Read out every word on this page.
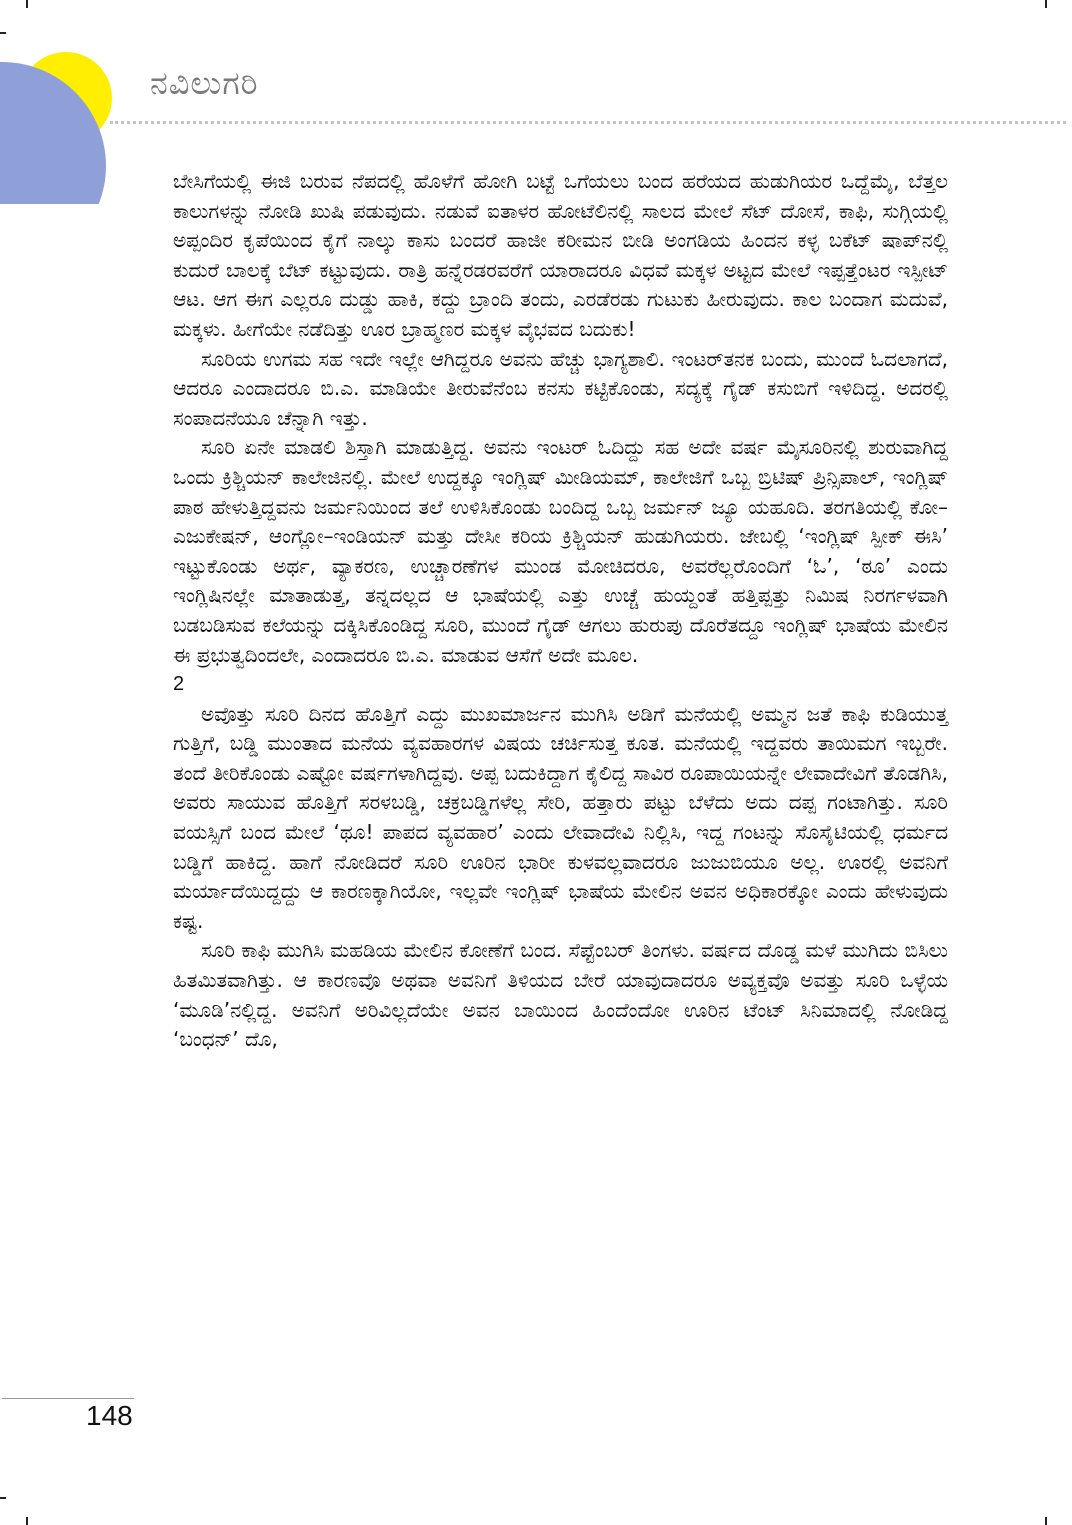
ನವಿಲುಗರಿ

ಬೇಸಿಗೆಯಲ್ಲಿ ಈಜಿ ಬರುವ ನೆಪದಲ್ಲಿ ಹೊಳೆಗೆ ಹೋಗಿ ಬಟ್ಟೆ ಒಗೆಯಲು ಬಂದ ಹರೆಯದ ಹುಡುಗಿಯರ ಒದ್ದೆಮೈ, ಬೆತ್ತಲ ಕಾಲುಗಳನ್ನು ನೋಡಿ ಖುಷಿ ಪಡುವುದು. ನಡುವೆ ಐತಾಳರ ಹೋಟೆಲಿನಲ್ಲಿ ಸಾಲದ ಮೇಲೆ ಸೆಟ್ ದೋಸೆ, ಕಾಫಿ, ಸುಗ್ಗಿಯಲ್ಲಿ ಅಪ್ಪಂದಿರ ಕೃಪೆಯಿಂದ ಕೈಗೆ ನಾಲ್ಕು ಕಾಸು ಬಂದರೆ ಹಾಜೀ ಕರೀಮನ ಬೀಡಿ ಅಂಗಡಿಯ ಹಿಂದನ ಕಳ್ಳ ಬಕೆಟ್ ಷಾಪ್‌ನಲ್ಲಿ ಕುದುರೆ ಬಾಲಕ್ಕೆ ಬೆಟ್ ಕಟ್ಟುವುದು. ರಾತ್ರಿ ಹನ್ನೆರಡರವರೆಗೆ ಯಾರಾದರೂ ವಿಧವೆ ಮಕ್ಕಳ ಅಟ್ಟದ ಮೇಲೆ ಇಪ್ಪತ್ತೆಂಟರ ಇಸ್ಪೀಟ್ ಆಟ. ಆಗ ಈಗ ಎಲ್ಲರೂ ದುಡ್ಡು ಹಾಕಿ, ಕದ್ದು ಬ್ರಾಂದಿ ತಂದು, ಎರಡೆರಡು ಗುಟುಕು ಹೀರುವುದು. ಕಾಲ ಬಂದಾಗ ಮದುವೆ, ಮಕ್ಕಳು. ಹೀಗೆಯೇ ನಡೆದಿತ್ತು ಊರ ಬ್ರಾಹ್ಮಣರ ಮಕ್ಕಳ ವೈಭವದ ಬದುಕು!

ಸೂರಿಯ ಉಗಮ ಸಹ ಇದೇ ಇಲ್ಲೇ ಆಗಿದ್ದರೂ ಅವನು ಹೆಚ್ಚು ಭಾಗ್ಯಶಾಲಿ. ಇಂಟರ್‌ತನಕ ಬಂದು, ಮುಂದೆ ಓದಲಾಗದೆ, ಆದರೂ ಎಂದಾದರೂ ಬಿ.ಎ. ಮಾಡಿಯೇ ತೀರುವೆನೆಂಬ ಕನಸು ಕಟ್ಟಿಕೊಂಡು, ಸದ್ಯಕ್ಕೆ ಗೈಡ್ ಕಸುಬಿಗೆ ಇಳಿದಿದ್ದ. ಅದರಲ್ಲಿ ಸಂಪಾದನೆಯೂ ಚೆನ್ನಾಗಿ ಇತ್ತು.

ಸೂರಿ ಏನೇ ಮಾಡಲಿ ಶಿಸ್ತಾಗಿ ಮಾಡುತ್ತಿದ್ದ. ಅವನು ಇಂಟರ್ ಓದಿದ್ದು ಸಹ ಅದೇ ವರ್ಷ ಮೈಸೂರಿನಲ್ಲಿ ಶುರುವಾಗಿದ್ದ ಒಂದು ಕ್ರಿಶ್ಚಿಯನ್ ಕಾಲೇಜಿನಲ್ಲಿ. ಮೇಲೆ ಉದ್ದಕ್ಕೂ ಇಂಗ್ಲಿಷ್ ಮೀಡಿಯಮ್, ಕಾಲೇಜಿಗೆ ಒಬ್ಬ ಬ್ರಿಟಿಷ್ ಪ್ರಿನ್ಸಿಪಾಲ್, ಇಂಗ್ಲಿಷ್ ಪಾಠ ಹೇಳುತ್ತಿದ್ದವನು ಜರ್ಮನಿಯಿಂದ ತಲೆ ಉಳಿಸಿಕೊಂಡು ಬಂದಿದ್ದ ಒಬ್ಬ ಜರ್ಮನ್ ಜ್ಯೂ ಯಹೂದಿ. ತರಗತಿಯಲ್ಲಿ ಕೋ–ಎಜುಕೇಷನ್, ಆಂಗ್ಲೋ–ಇಂಡಿಯನ್ ಮತ್ತು ದೇಸೀ ಕರಿಯ ಕ್ರಿಶ್ಚಿಯನ್ ಹುಡುಗಿಯರು. ಜೇಬಲ್ಲಿ ‘ಇಂಗ್ಲಿಷ್ ಸ್ಪೀಕ್ ಈಸಿ’ ಇಟ್ಟುಕೊಂಡು ಅರ್ಥ, ವ್ಯಾಕರಣ, ಉಚ್ಚಾರಣೆಗಳ ಮುಂಡ ಮೋಚಿದರೂ, ಅವರೆಲ್ಲರೊಂದಿಗೆ ‘ಓ’, ‘ಠೂ’ ಎಂದು ಇಂಗ್ಲಿಷಿನಲ್ಲೇ ಮಾತಾಡುತ್ತ, ತನ್ನದಲ್ಲದ ಆ ಭಾಷೆಯಲ್ಲಿ ಎತ್ತು ಉಚ್ಚೆ ಹುಯ್ದಂತೆ ಹತ್ತಿಪ್ಪತ್ತು ನಿಮಿಷ ನಿರರ್ಗಳವಾಗಿ ಬಡಬಡಿಸುವ ಕಲೆಯನ್ನು ದಕ್ಕಿಸಿಕೊಂಡಿದ್ದ ಸೂರಿ, ಮುಂದೆ ಗೈಡ್ ಆಗಲು ಹುರುಪು ದೊರೆತದ್ದೂ ಇಂಗ್ಲಿಷ್ ಭಾಷೆಯ ಮೇಲಿನ ಈ ಪ್ರಭುತ್ವದಿಂದಲೇ, ಎಂದಾದರೂ ಬಿ.ಎ. ಮಾಡುವ ಆಸೆಗೆ ಅದೇ ಮೂಲ.

2

ಅವೊತ್ತು ಸೂರಿ ದಿನದ ಹೊತ್ತಿಗೆ ಎದ್ದು ಮುಖಮಾರ್ಜನ ಮುಗಿಸಿ ಅಡಿಗೆ ಮನೆಯಲ್ಲಿ ಅಮ್ಮನ ಜತೆ ಕಾಫಿ ಕುಡಿಯುತ್ತ ಗುತ್ತಿಗೆ, ಬಡ್ಡಿ ಮುಂತಾದ ಮನೆಯ ವ್ಯವಹಾರಗಳ ವಿಷಯ ಚರ್ಚಿಸುತ್ತ ಕೂತ. ಮನೆಯಲ್ಲಿ ಇದ್ದವರು ತಾಯಿಮಗ ಇಬ್ಬರೇ. ತಂದೆ ತೀರಿಕೊಂಡು ಎಷ್ಟೋ ವರ್ಷಗಳಾಗಿದ್ದವು. ಅಪ್ಪ ಬದುಕಿದ್ದಾಗ ಕೈಲಿದ್ದ ಸಾವಿರ ರೂಪಾಯಿಯನ್ನೇ ಲೇವಾದೇವಿಗೆ ತೊಡಗಿಸಿ, ಅವರು ಸಾಯುವ ಹೊತ್ತಿಗೆ ಸರಳಬಡ್ಡಿ, ಚಕ್ರಬಡ್ಡಿಗಳೆಲ್ಲ ಸೇರಿ, ಹತ್ತಾರು ಪಟ್ಟು ಬೆಳೆದು ಅದು ದಪ್ಪ ಗಂಟಾಗಿತ್ತು. ಸೂರಿ ವಯಸ್ಸಿಗೆ ಬಂದ ಮೇಲೆ ‘ಥೂ! ಪಾಪದ ವ್ಯವಹಾರ’ ಎಂದು ಲೇವಾದೇವಿ ನಿಲ್ಲಿಸಿ, ಇದ್ದ ಗಂಟನ್ನು ಸೊಸೈಟಿಯಲ್ಲಿ ಧರ್ಮದ ಬಡ್ಡಿಗೆ ಹಾಕಿದ್ದ. ಹಾಗೆ ನೋಡಿದರೆ ಸೂರಿ ಊರಿನ ಭಾರೀ ಕುಳವಲ್ಲವಾದರೂ ಜುಜುಬಿಯೂ ಅಲ್ಲ. ಊರಲ್ಲಿ ಅವನಿಗೆ ಮರ್ಯಾದೆಯಿದ್ದದ್ದು ಆ ಕಾರಣಕ್ಕಾಗಿಯೋ, ಇಲ್ಲವೇ ಇಂಗ್ಲಿಷ್ ಭಾಷೆಯ ಮೇಲಿನ ಅವನ ಅಧಿಕಾರಕ್ಕೋ ಎಂದು ಹೇಳುವುದು ಕಷ್ಟ.

ಸೂರಿ ಕಾಫಿ ಮುಗಿಸಿ ಮಹಡಿಯ ಮೇಲಿನ ಕೋಣೆಗೆ ಬಂದ. ಸೆಪ್ಟೆಂಬರ್ ತಿಂಗಳು. ವರ್ಷದ ದೊಡ್ಡ ಮಳೆ ಮುಗಿದು ಬಿಸಿಲು ಹಿತಮಿತವಾಗಿತ್ತು. ಆ ಕಾರಣವೊ ಅಥವಾ ಅವನಿಗೆ ತಿಳಿಯದ ಬೇರೆ ಯಾವುದಾದರೂ ಅವ್ಯಕ್ತವೊ ಅವತ್ತು ಸೂರಿ ಒಳ್ಳೆಯ ‘ಮೂಡಿ’ನಲ್ಲಿದ್ದ. ಅವನಿಗೆ ಅರಿವಿಲ್ಲದೆಯೇ ಅವನ ಬಾಯಿಂದ ಹಿಂದೆಂದೋ ಊರಿನ ಟೆಂಟ್ ಸಿನಿಮಾದಲ್ಲಿ ನೋಡಿದ್ದ ‘ಬಂಧನ್’ ದೊ,

148
